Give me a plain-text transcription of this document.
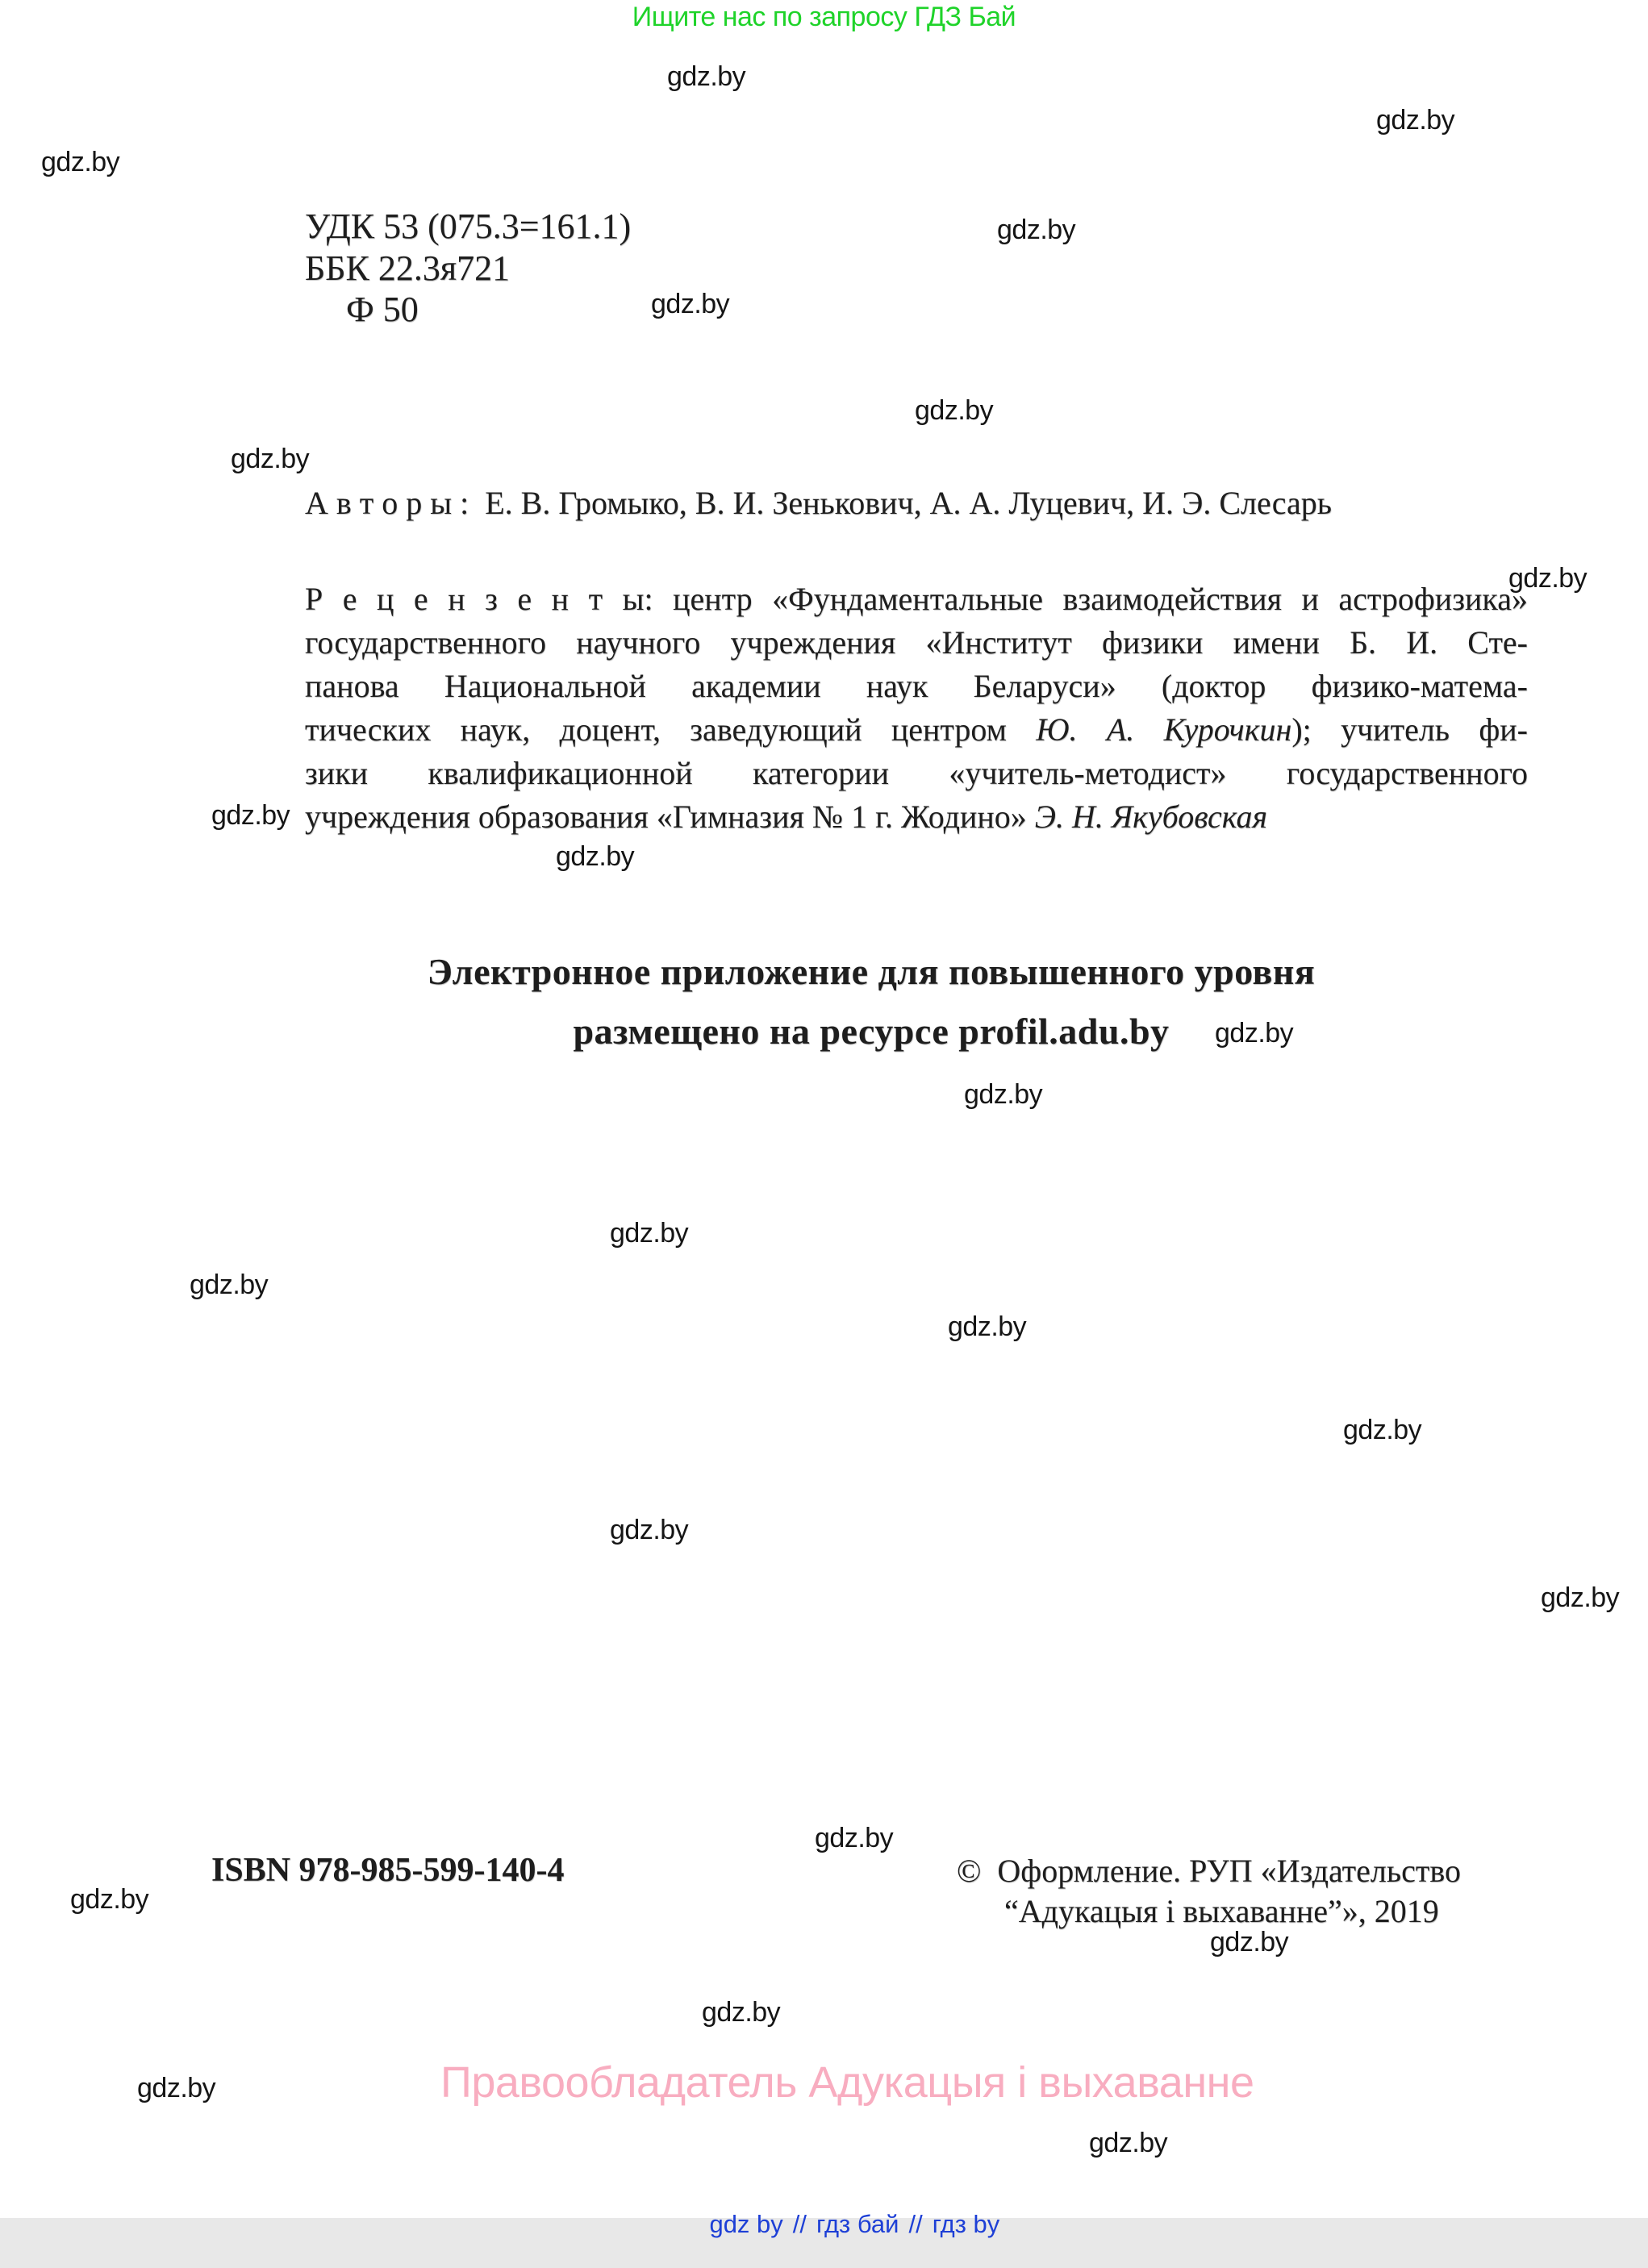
Ищите нас по запросу ГДЗ Бай
УДК 53 (075.3=161.1)
ББК 22.3я721
Ф 50
А в т о р ы :  Е. В. Громыко, В. И. Зенькович, А. А. Луцевич, И. Э. Слесарь
Р е ц е н з е н т ы: центр «Фундаментальные взаимодействия и астрофизика»
государственного научного учреждения «Институт физики имени Б. И. Сте-
панова Национальной академии наук Беларуси» (доктор физико-матема-
тических наук, доцент, заведующий центром Ю. А. Курочкин); учитель фи-
зики квалификационной категории «учитель-методист» государственного
учреждения образования «Гимназия № 1 г. Жодино» Э. Н. Якубовская
Электронное приложение для повышенного уровня
размещено на ресурсе profil.adu.by
ISBN 978-985-599-140-4	©  Оформление. РУП «Издательство
“Адукацыя і выхаванне”», 2019
Правообладатель Адукацыя і выхаванне

gdz by // гдз бай // гдз by

gdz.by
gdz.by
gdz.by
gdz.by
gdz.by
gdz.by
gdz.by
gdz.by
gdz.by
gdz.by
gdz.by
gdz.by
gdz.by
gdz.by
gdz.by
gdz.by
gdz.by
gdz.by
gdz.by
gdz.by
gdz.by
gdz.by
gdz.by
gdz.by
